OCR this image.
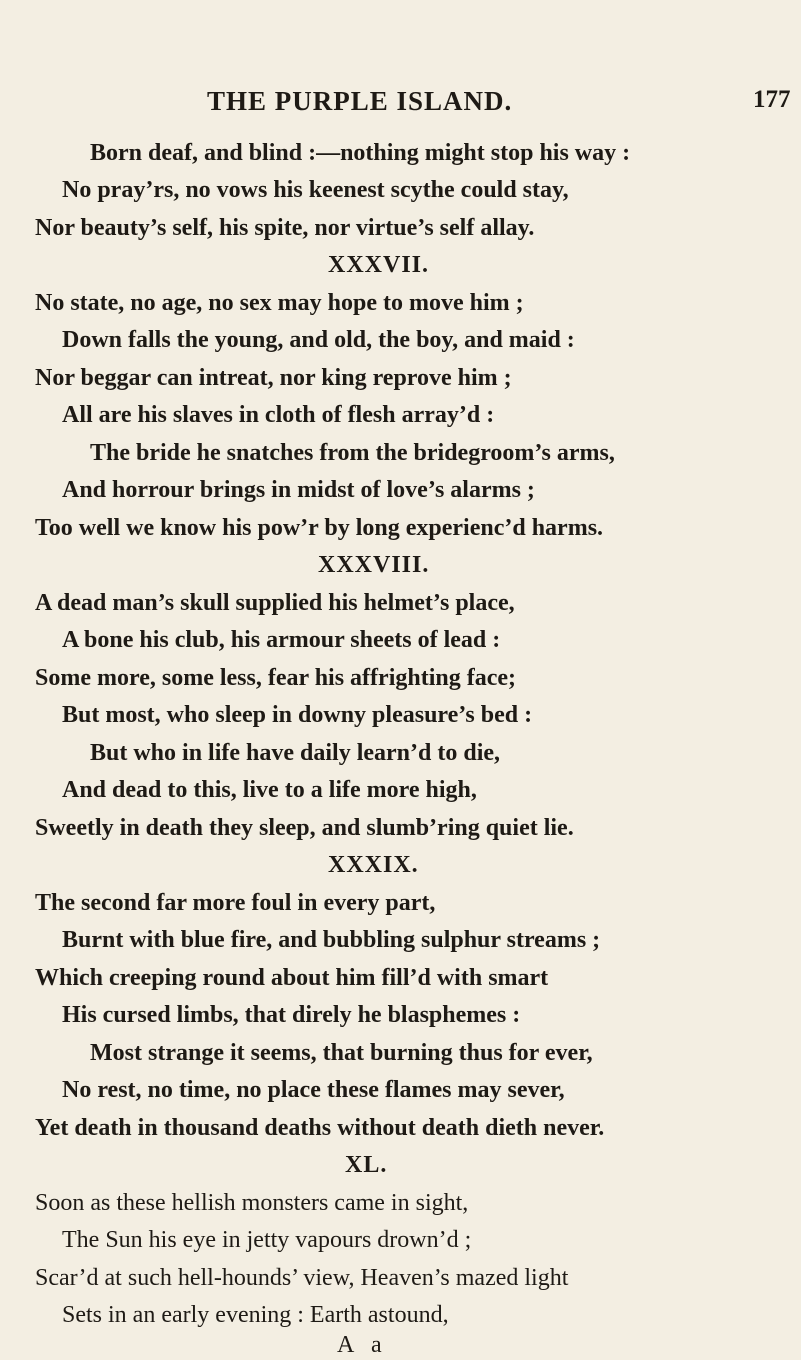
THE PURPLE ISLAND.	177
Born deaf, and blind :—nothing might stop his way :
No pray’rs, no vows his keenest scythe could stay,
Nor beauty’s self, his spite, nor virtue’s self allay.
XXXVII.
No state, no age, no sex may hope to move him ;
Down falls the young, and old, the boy, and maid :
Nor beggar can intreat, nor king reprove him ;
All are his slaves in cloth of flesh array’d :
The bride he snatches from the bridegroom’s arms,
And horrour brings in midst of love’s alarms ;
Too well we know his pow’r by long experienc’d harms.
XXXVIII.
A dead man’s skull supplied his helmet’s place,
A bone his club, his armour sheets of lead :
Some more, some less, fear his affrighting face;
But most, who sleep in downy pleasure’s bed :
But who in life have daily learn’d to die,
And dead to this, live to a life more high,
Sweetly in death they sleep, and slumb’ring quiet lie.
XXXIX.
The second far more foul in every part,
Burnt with blue fire, and bubbling sulphur streams ;
Which creeping round about him fill’d with smart
His cursed limbs, that direly he blasphemes :
Most strange it seems, that burning thus for ever,
No rest, no time, no place these flames may sever,
Yet death in thousand deaths without death dieth never.
XL.
Soon as these hellish monsters came in sight,
The Sun his eye in jetty vapours drown’d ;
Scar’d at such hell-hounds’ view, Heaven’s mazed light
Sets in an early evening : Earth astound,
A a
